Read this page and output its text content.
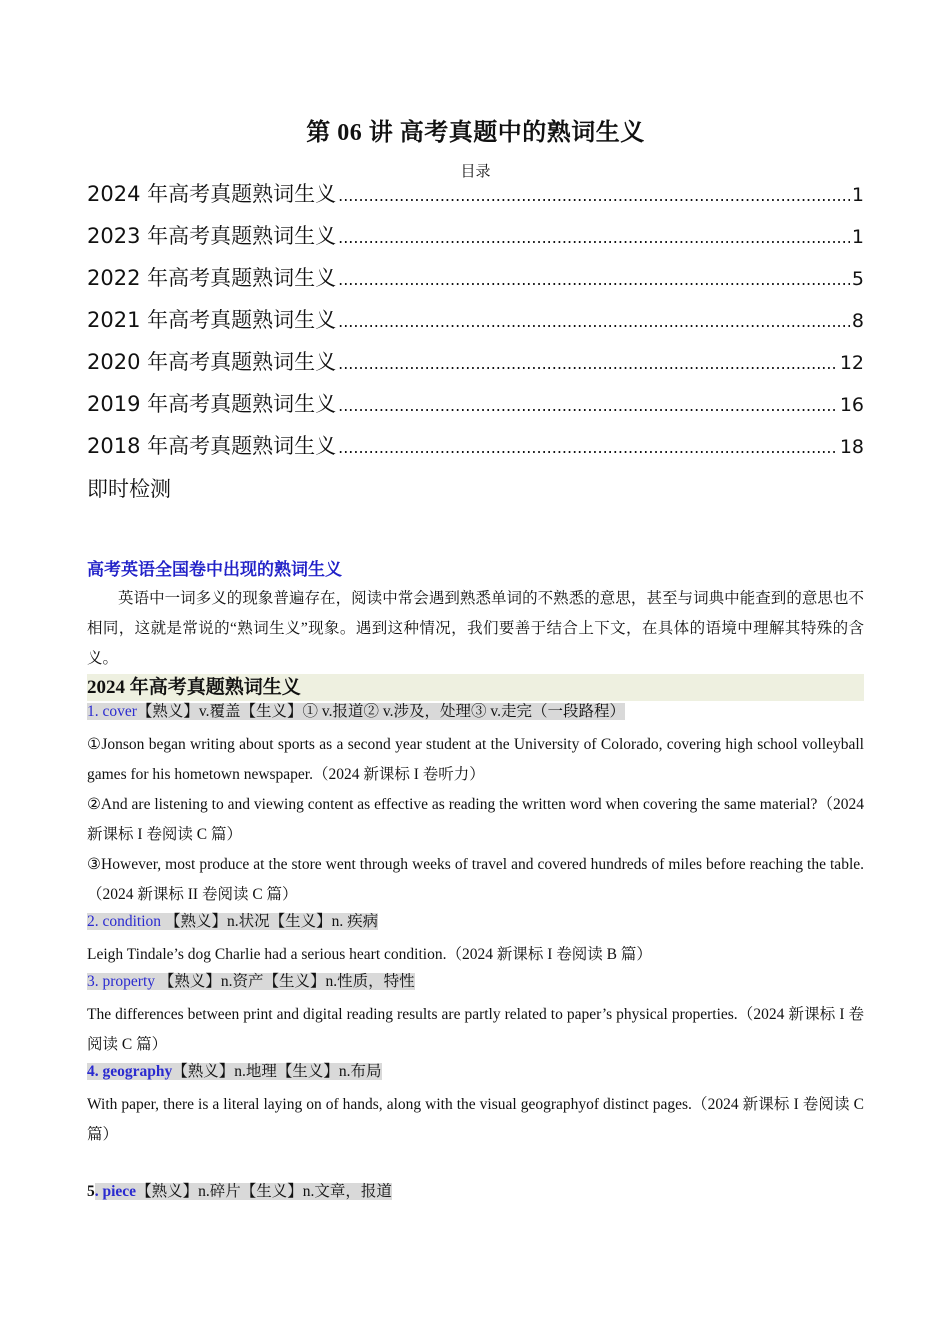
第 06 讲 高考真题中的熟词生义
目录
2024 年高考真题熟词生义 .....	1
2023 年高考真题熟词生义 .....	1
2022 年高考真题熟词生义 .....	5
2021 年高考真题熟词生义 .....	8
2020 年高考真题熟词生义 .....	12
2019 年高考真题熟词生义 .....	16
2018 年高考真题熟词生义 .....	18
即时检测
高考英语全国卷中出现的熟词生义

英语中一词多义的现象普遍存在，阅读中常会遇到熟悉单词的不熟悉的意思，甚至与词典中能查到的意思也不相同，这就是常说的“熟词生义”现象。遇到这种情况，我们要善于结合上下文，在具体的语境中理解其特殊的含义。

2024 年高考真题熟词生义
1. cover【熟义】v.覆盖【生义】① v.报道② v.涉及，处理③ v.走完（一段路程）

①Jonson began writing about sports as a second year student at the University of Colorado, covering high school volleyball games for his hometown newspaper.（2024 新课标 I 卷听力）

②And are listening to and viewing content as effective as reading the written word when covering the same material?（2024 新课标 I 卷阅读 C 篇）

③However, most produce at the store went through weeks of travel and covered hundreds of miles before reaching the table.（2024 新课标 II 卷阅读 C 篇）

2. condition 【熟义】n.状况【生义】n. 疾病

Leigh Tindale’s dog Charlie had a serious heart condition.（2024 新课标 I 卷阅读 B 篇）

3. property 【熟义】n.资产【生义】n.性质，特性

The differences between print and digital reading results are partly related to paper’s physical properties.（2024 新课标 I 卷阅读 C 篇）

4. geography【熟义】n.地理【生义】n.布局

With paper, there is a literal laying on of hands, along with the visual geographyof distinct pages.（2024 新课标 I 卷阅读 C 篇）

5. piece【熟义】n.碎片【生义】n.文章，报道
